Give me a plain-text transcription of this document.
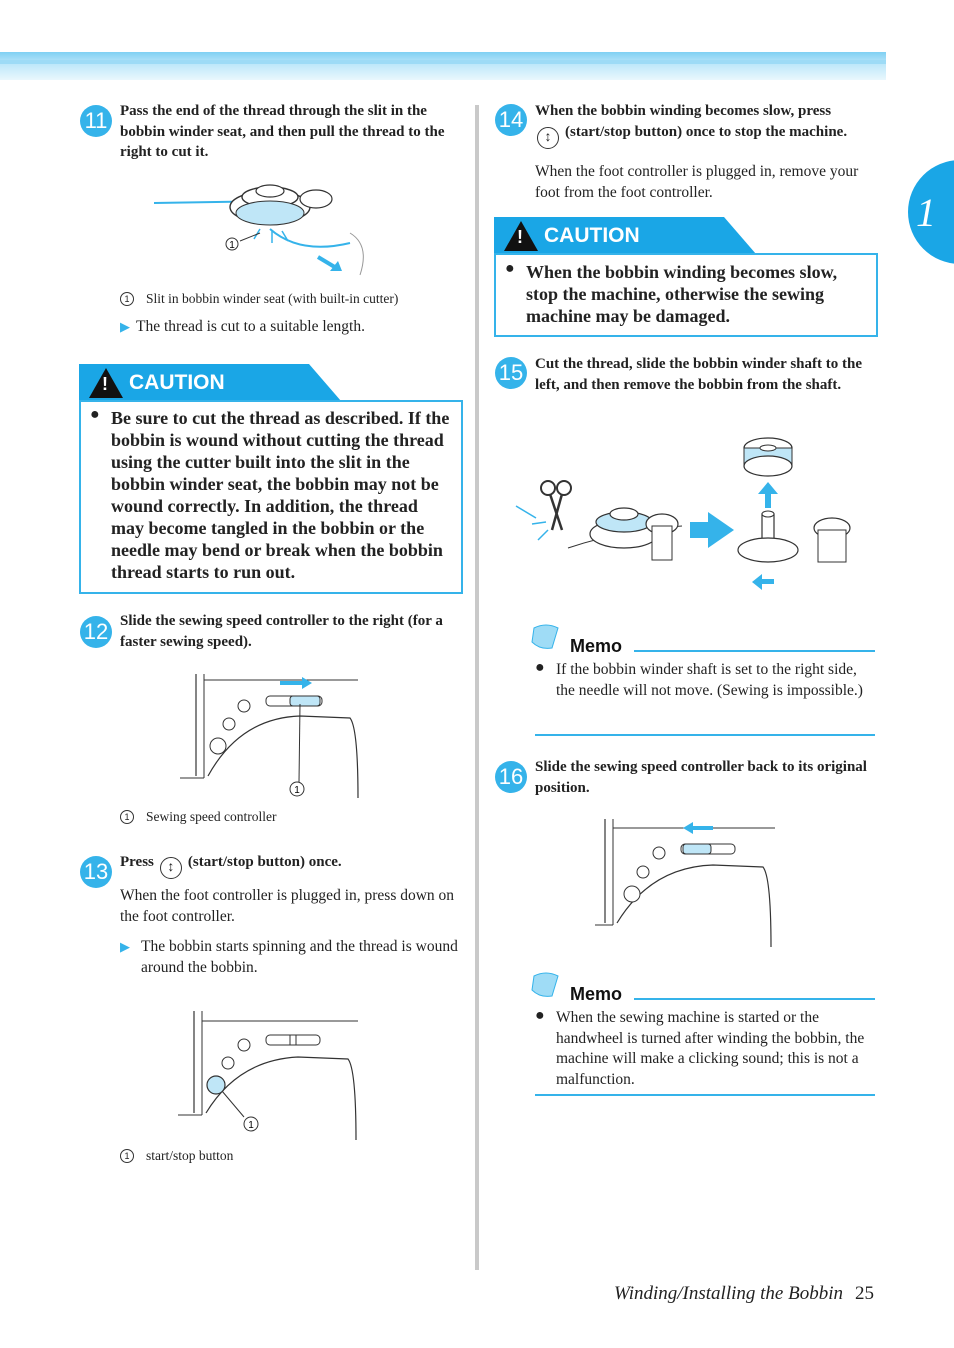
1
11 Pass the end of the thread through the slit in the bobbin winder seat, and then pull the thread to the right to cut it.
1
1 Slit in bobbin winder seat (with built-in cutter)
▶ The thread is cut to a suitable length.
!
CAUTION
● Be sure to cut the thread as described. If the bobbin is wound without cutting the thread using the cutter built into the slit in the bobbin winder seat, the bobbin may not be wound correctly. In addition, the thread may become tangled in the bobbin or the needle may bend or break when the bobbin thread starts to run out.
12 Slide the sewing speed controller to the right (for a faster sewing speed).
1
1 Sewing speed controller
13 Press ↕ (start/stop button) once.
When the foot controller is plugged in, press down on the foot controller.
▶ The bobbin starts spinning and the thread is wound around the bobbin.
1
1 start/stop button
14 When the bobbin winding becomes slow, press
↕ (start/stop button) once to stop the machine.
When the foot controller is plugged in, remove your foot from the foot controller.
!
CAUTION
● When the bobbin winding becomes slow, stop the machine, otherwise the sewing machine may be damaged.
15 Cut the thread, slide the bobbin winder shaft to the left, and then remove the bobbin from the shaft.
Memo
● If the bobbin winder shaft is set to the right side, the needle will not move. (Sewing is impossible.)
16 Slide the sewing speed controller back to its original position.
Memo
● When the sewing machine is started or the handwheel is turned after winding the bobbin, the machine will make a clicking sound; this is not a malfunction.
Winding/Installing the Bobbin 25
